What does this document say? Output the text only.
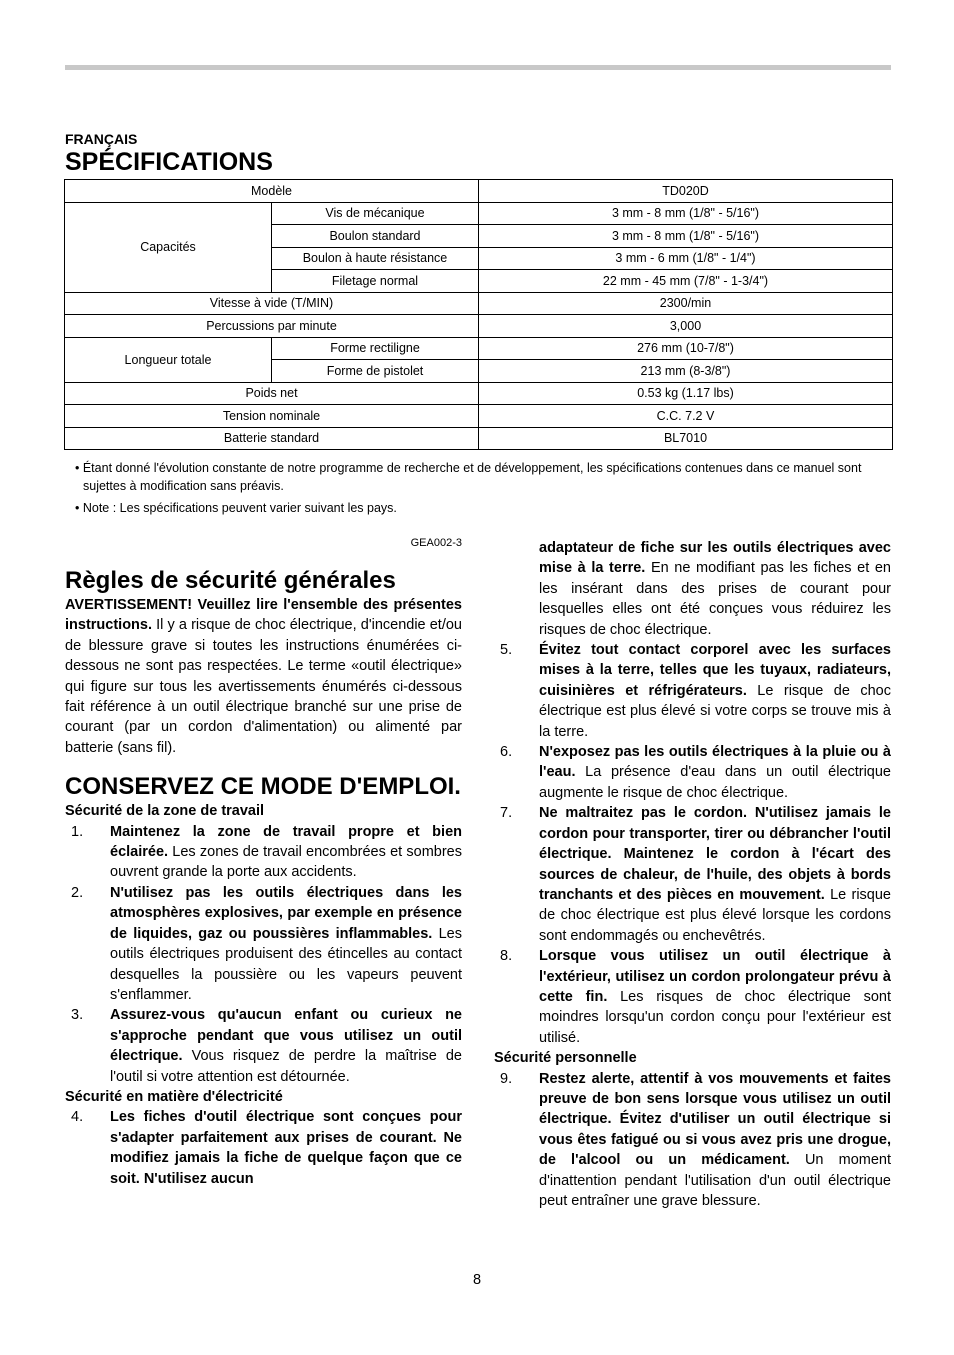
FRANÇAIS
SPÉCIFICATIONS
Modèle		TD020D
Capacités	Vis de mécanique	3 mm - 8 mm (1/8" - 5/16")
	Boulon standard	3 mm - 8 mm (1/8" - 5/16")
	Boulon à haute résistance	3 mm - 6 mm (1/8" - 1/4")
	Filetage normal	22 mm - 45 mm (7/8" - 1-3/4")
Vitesse à vide (T/MIN)		2300/min
Percussions par minute		3,000
Longueur totale	Forme rectiligne	276 mm (10-7/8")
	Forme de pistolet	213 mm (8-3/8")
Poids net		0.53 kg (1.17 lbs)
Tension nominale		C.C. 7.2 V
Batterie standard		BL7010

• Étant donné l'évolution constante de notre programme de recherche et de développement, les spécifications contenues dans ce manuel sont sujettes à modification sans préavis.

• Note : Les spécifications peuvent varier suivant les pays.

GEA002-3
Règles de sécurité générales

AVERTISSEMENT! Veuillez lire l'ensemble des présentes instructions. Il y a risque de choc électrique, d'incendie et/ou de blessure grave si toutes les instructions énumérées ci-dessous ne sont pas respectées. Le terme «outil électrique» qui figure sur tous les avertissements énumérés ci-dessous fait référence à un outil électrique branché sur une prise de courant (par un cordon d'alimentation) ou alimenté par batterie (sans fil).

CONSERVEZ CE MODE D'EMPLOI.

Sécurité de la zone de travail

1. Maintenez la zone de travail propre et bien éclairée. Les zones de travail encombrées et sombres ouvrent grande la porte aux accidents.

2. N'utilisez pas les outils électriques dans les atmosphères explosives, par exemple en présence de liquides, gaz ou poussières inflammables. Les outils électriques produisent des étincelles au contact desquelles la poussière ou les vapeurs peuvent s'enflammer.

3. Assurez-vous qu'aucun enfant ou curieux ne s'approche pendant que vous utilisez un outil électrique. Vous risquez de perdre la maîtrise de l'outil si votre attention est détournée.

Sécurité en matière d'électricité

4. Les fiches d'outil électrique sont conçues pour s'adapter parfaitement aux prises de courant. Ne modifiez jamais la fiche de quelque façon que ce soit. N'utilisez aucun

adaptateur de fiche sur les outils électriques avec mise à la terre. En ne modifiant pas les fiches et en les insérant dans des prises de courant pour lesquelles elles ont été conçues vous réduirez les risques de choc électrique.

5. Évitez tout contact corporel avec les surfaces mises à la terre, telles que les tuyaux, radiateurs, cuisinières et réfrigérateurs. Le risque de choc électrique est plus élevé si votre corps se trouve mis à la terre.

6. N'exposez pas les outils électriques à la pluie ou à l'eau. La présence d'eau dans un outil électrique augmente le risque de choc électrique.

7. Ne maltraitez pas le cordon. N'utilisez jamais le cordon pour transporter, tirer ou débrancher l'outil électrique. Maintenez le cordon à l'écart des sources de chaleur, de l'huile, des objets à bords tranchants et des pièces en mouvement. Le risque de choc électrique est plus élevé lorsque les cordons sont endommagés ou enchevêtrés.

8. Lorsque vous utilisez un outil électrique à l'extérieur, utilisez un cordon prolongateur prévu à cette fin. Les risques de choc électrique sont moindres lorsqu'un cordon conçu pour l'extérieur est utilisé.

Sécurité personnelle

9. Restez alerte, attentif à vos mouvements et faites preuve de bon sens lorsque vous utilisez un outil électrique. Évitez d'utiliser un outil électrique si vous êtes fatigué ou si vous avez pris une drogue, de l'alcool ou un médicament. Un moment d'inattention pendant l'utilisation d'un outil électrique peut entraîner une grave blessure.

8
